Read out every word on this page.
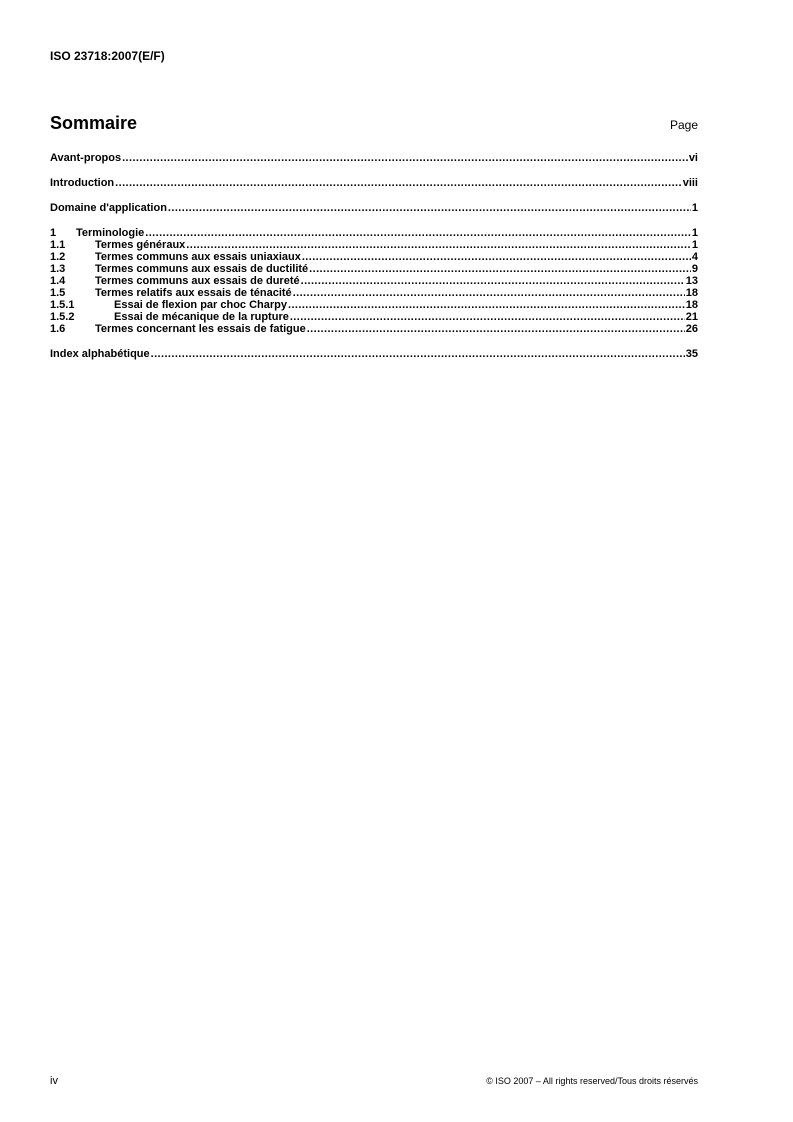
ISO 23718:2007(E/F)
Sommaire	Page
Avant-propos .....	vi
Introduction .....	viii
Domaine d'application .....	1
1	Terminologie .....	1
1.1	Termes généraux .....	1
1.2	Termes communs aux essais uniaxiaux .....	4
1.3	Termes communs aux essais de ductilité .....	9
1.4	Termes communs aux essais de dureté .....	13
1.5	Termes relatifs aux essais de ténacité .....	18
1.5.1	Essai de flexion par choc Charpy .....	18
1.5.2	Essai de mécanique de la rupture .....	21
1.6	Termes concernant les essais de fatigue .....	26
Index alphabétique .....	35
iv	© ISO 2007 – All rights reserved/Tous droits réservés
